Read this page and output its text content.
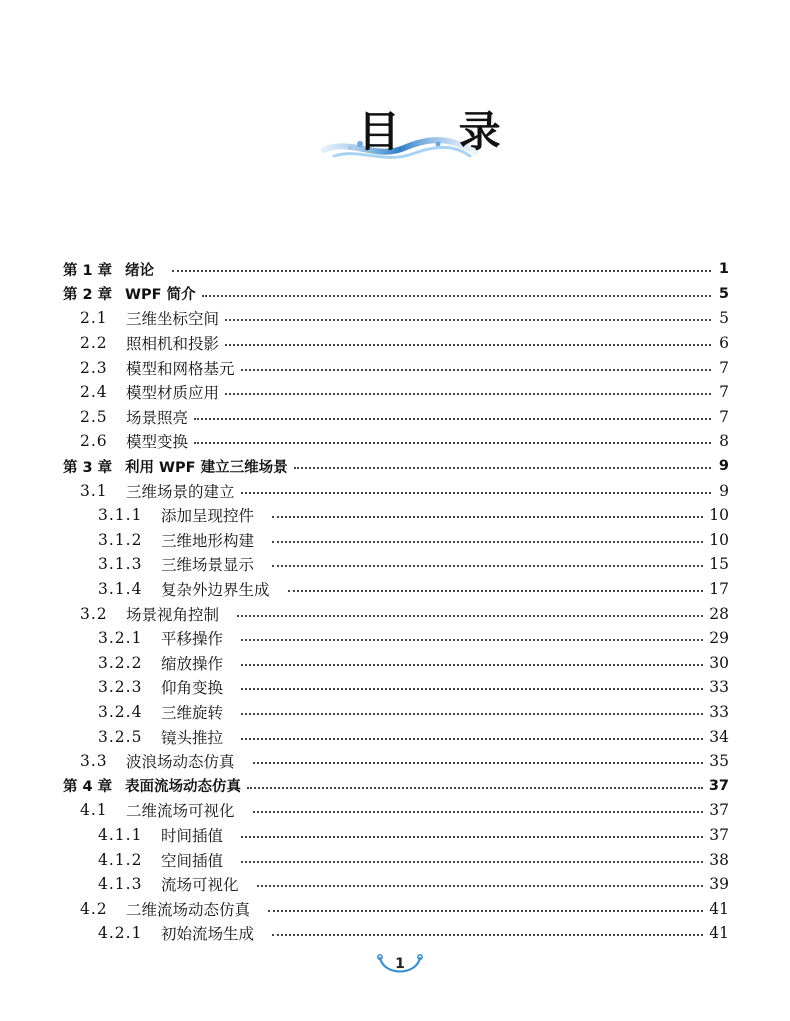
目 录
第 1 章 绪论	1
第 2 章 WPF 简介	5
2.1	三维坐标空间	5
2.2	照相机和投影	6
2.3	模型和网格基元	7
2.4	模型材质应用	7
2.5	场景照亮	7
2.6	模型变换	8
第 3 章 利用 WPF 建立三维场景	9
3.1	三维场景的建立	9
3.1.1	添加呈现控件	10
3.1.2	三维地形构建	10
3.1.3	三维场景显示	15
3.1.4	复杂外边界生成	17
3.2	场景视角控制	28
3.2.1	平移操作	29
3.2.2	缩放操作	30
3.2.3	仰角变换	33
3.2.4	三维旋转	33
3.2.5	镜头推拉	34
3.3	波浪场动态仿真	35
第 4 章 表面流场动态仿真	37
4.1	二维流场可视化	37
4.1.1	时间插值	37
4.1.2	空间插值	38
4.1.3	流场可视化	39
4.2	二维流场动态仿真	41
4.2.1	初始流场生成	41
1
